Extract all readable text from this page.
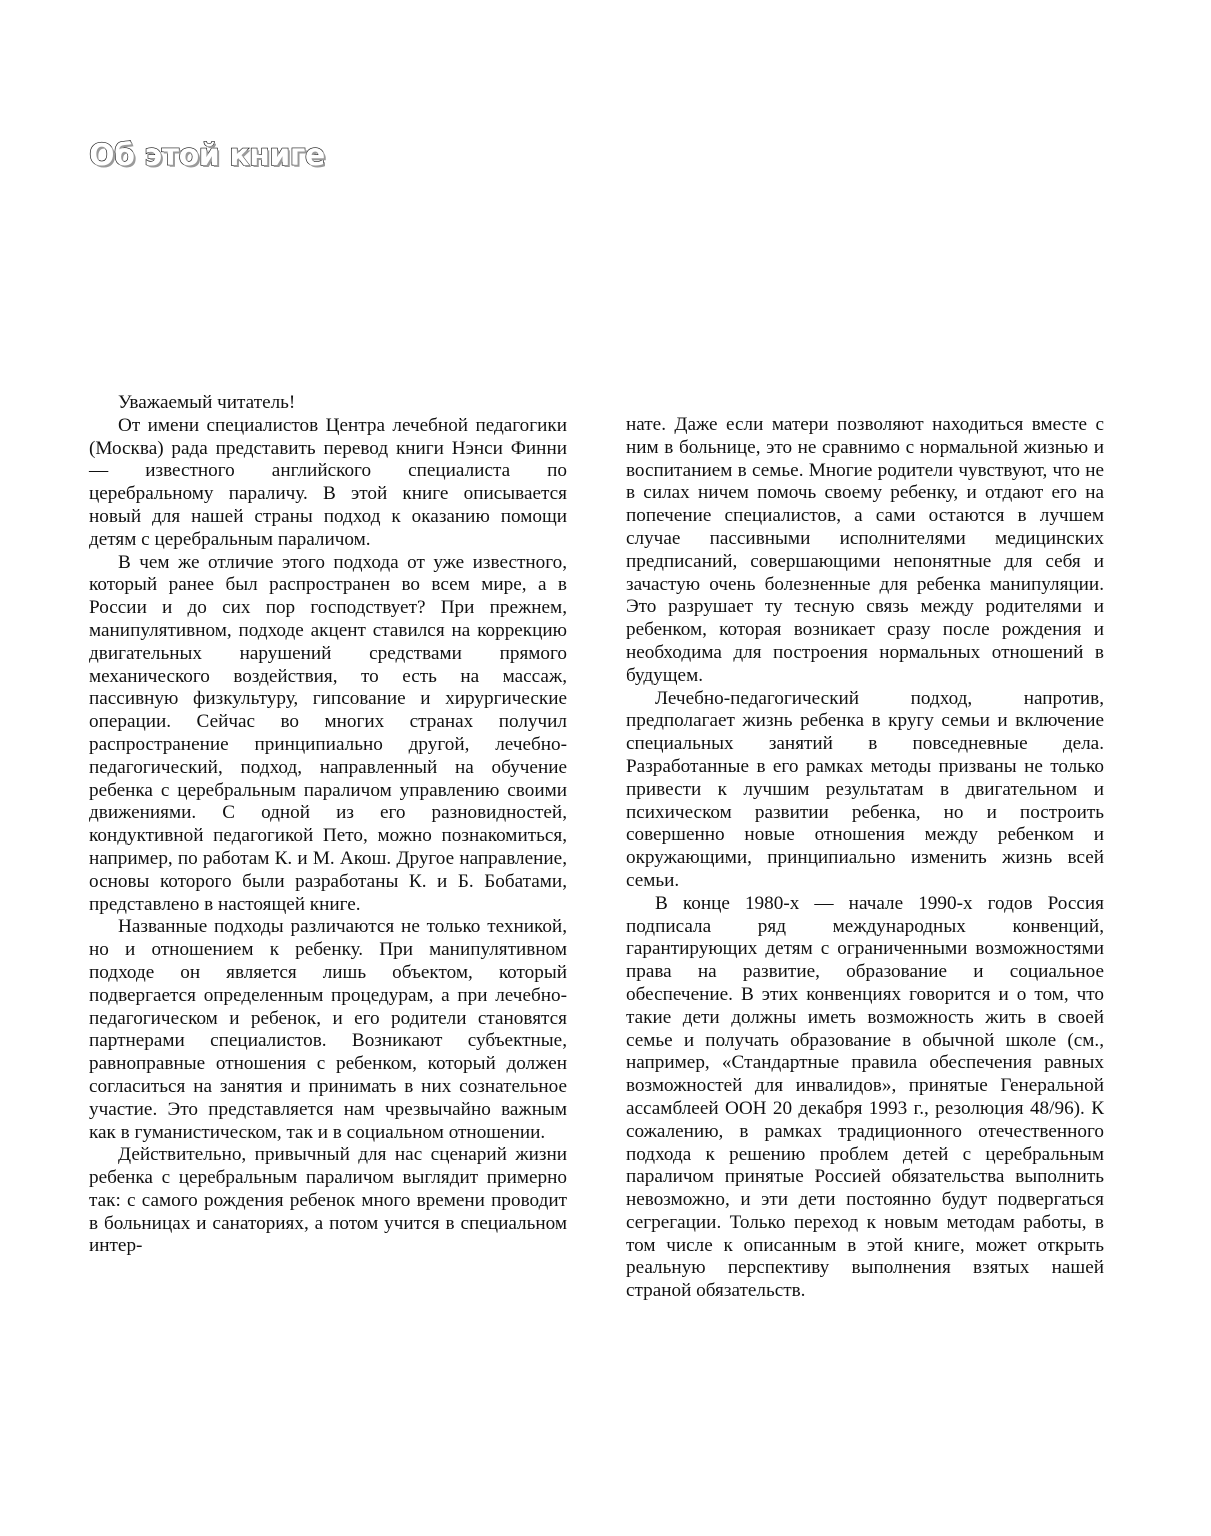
Об этой книге

Уважаемый читатель!

От имени специалистов Центра лечебной педагогики (Москва) рада представить перевод книги Нэнси Финни — известного английского специалиста по церебральному параличу. В этой книге описывается новый для нашей страны подход к оказанию помощи детям с церебральным параличом.

В чем же отличие этого подхода от уже известного, который ранее был распространен во всем мире, а в России и до сих пор господствует? При прежнем, манипулятивном, подходе акцент ставился на коррекцию двигательных нарушений средствами прямого механического воздействия, то есть на массаж, пассивную физкультуру, гипсование и хирургические операции. Сейчас во многих странах получил распространение принципиально другой, лечебно-педагогический, подход, направленный на обучение ребенка с церебральным параличом управлению своими движениями. С одной из его разновидностей, кондуктивной педагогикой Пето, можно познакомиться, например, по работам К. и М. Акош. Другое направление, основы которого были разработаны К. и Б. Бобатами, представлено в настоящей книге.

Названные подходы различаются не только техникой, но и отношением к ребенку. При манипулятивном подходе он является лишь объектом, который подвергается определенным процедурам, а при лечебно-педагогическом и ребенок, и его родители становятся партнерами специалистов. Возникают субъектные, равноправные отношения с ребенком, который должен согласиться на занятия и принимать в них сознательное участие. Это представляется нам чрезвычайно важным как в гуманистическом, так и в социальном отношении.

Действительно, привычный для нас сценарий жизни ребенка с церебральным параличом выглядит примерно так: с самого рождения ребенок много времени проводит в больницах и санаториях, а потом учится в специальном интер-

нате. Даже если матери позволяют находиться вместе с ним в больнице, это не сравнимо с нормальной жизнью и воспитанием в семье. Многие родители чувствуют, что не в силах ничем помочь своему ребенку, и отдают его на попечение специалистов, а сами остаются в лучшем случае пассивными исполнителями медицинских предписаний, совершающими непонятные для себя и зачастую очень болезненные для ребенка манипуляции. Это разрушает ту тесную связь между родителями и ребенком, которая возникает сразу после рождения и необходима для построения нормальных отношений в будущем.

Лечебно-педагогический подход, напротив, предполагает жизнь ребенка в кругу семьи и включение специальных занятий в повседневные дела. Разработанные в его рамках методы призваны не только привести к лучшим результатам в двигательном и психическом развитии ребенка, но и построить совершенно новые отношения между ребенком и окружающими, принципиально изменить жизнь всей семьи.

В конце 1980-х — начале 1990-х годов Россия подписала ряд международных конвенций, гарантирующих детям с ограниченными возможностями права на развитие, образование и социальное обеспечение. В этих конвенциях говорится и о том, что такие дети должны иметь возможность жить в своей семье и получать образование в обычной школе (см., например, «Стандартные правила обеспечения равных возможностей для инвалидов», принятые Генеральной ассамблеей ООН 20 декабря 1993 г., резолюция 48/96). К сожалению, в рамках традиционного отечественного подхода к решению проблем детей с церебральным параличом принятые Россией обязательства выполнить невозможно, и эти дети постоянно будут подвергаться сегрегации. Только переход к новым методам работы, в том числе к описанным в этой книге, может открыть реальную перспективу выполнения взятых нашей страной обязательств.
